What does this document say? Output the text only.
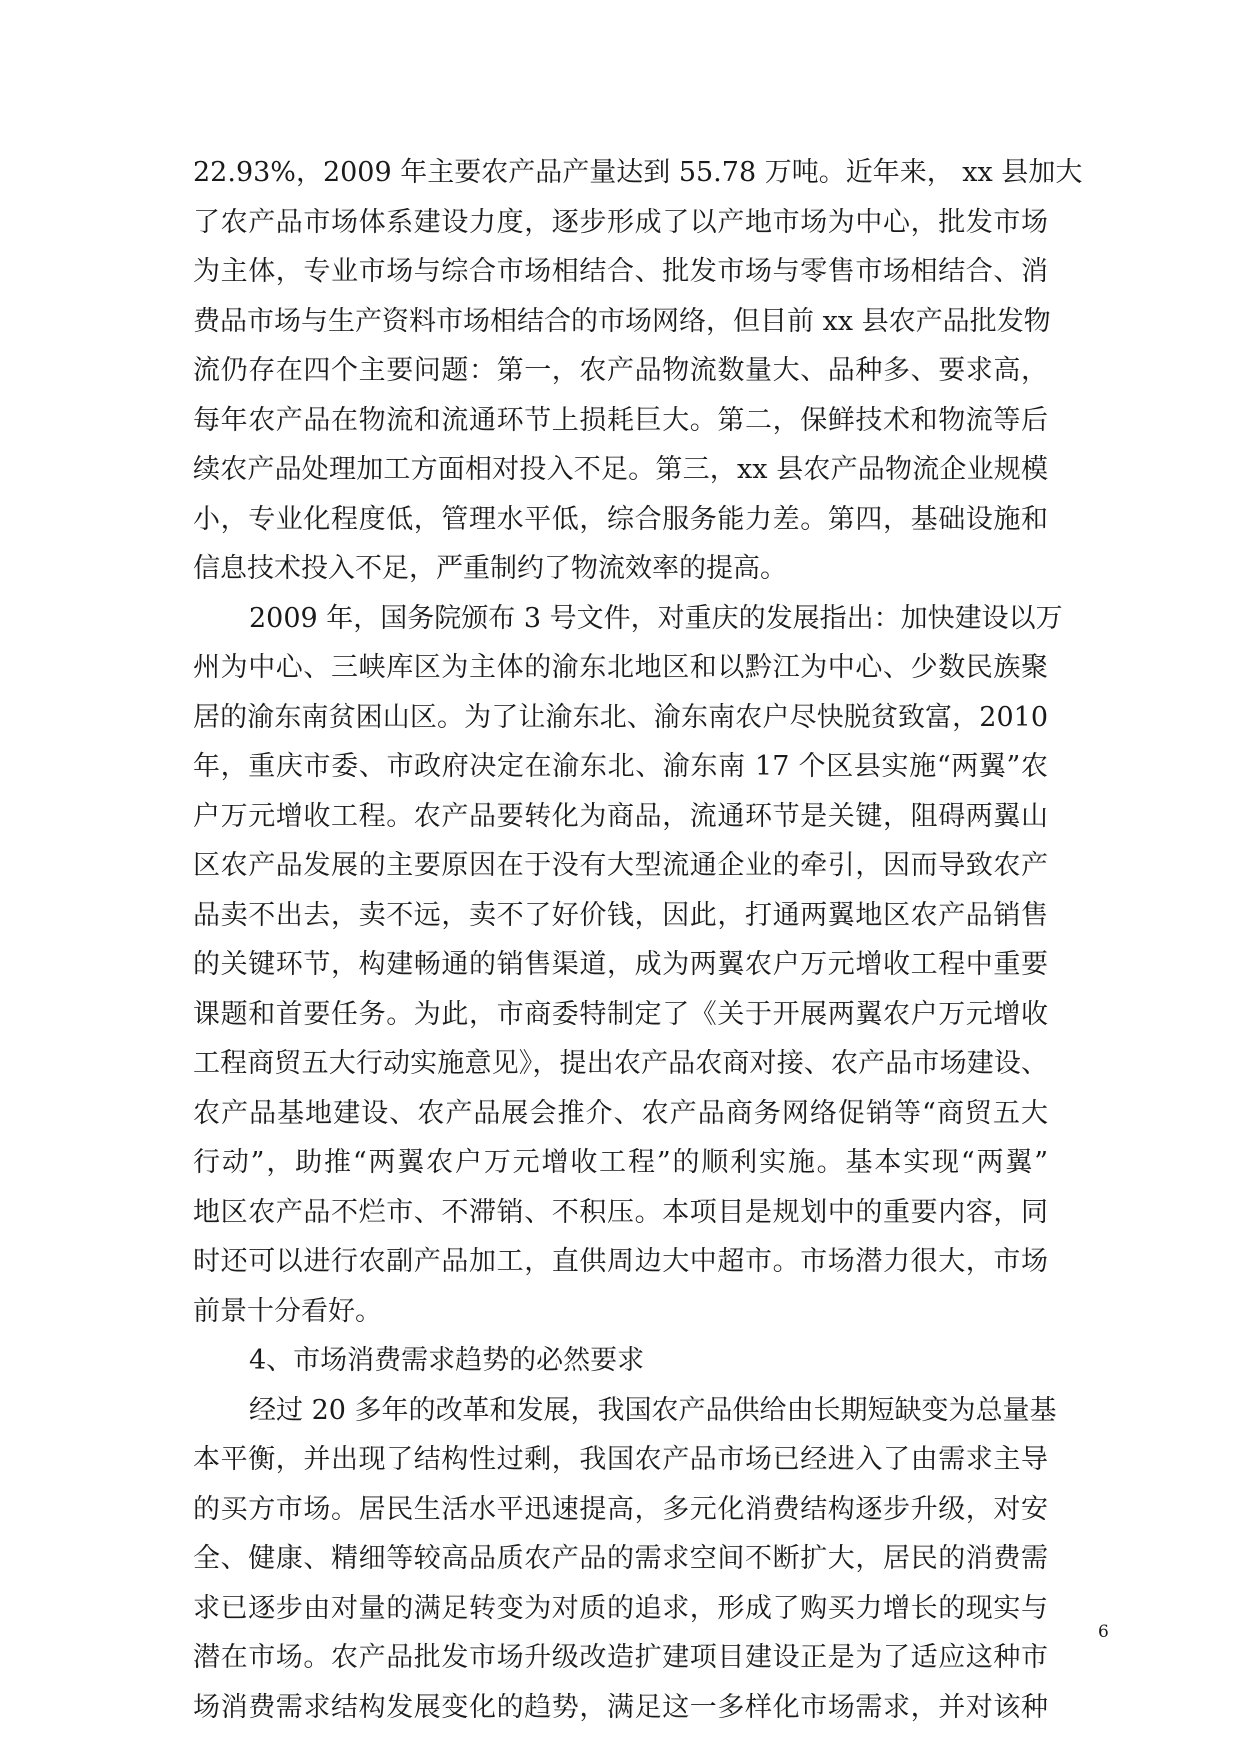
22.93%，2009 年主要农产品产量达到 55.78 万吨。近年来， xx 县加大
了农产品市场体系建设力度，逐步形成了以产地市场为中心，批发市场
为主体，专业市场与综合市场相结合、批发市场与零售市场相结合、消
费品市场与生产资料市场相结合的市场网络，但目前 xx 县农产品批发物
流仍存在四个主要问题：第一，农产品物流数量大、品种多、要求高，
每年农产品在物流和流通环节上损耗巨大。第二，保鲜技术和物流等后
续农产品处理加工方面相对投入不足。第三，xx 县农产品物流企业规模
小，专业化程度低，管理水平低，综合服务能力差。第四，基础设施和
信息技术投入不足，严重制约了物流效率的提高。
2009 年，国务院颁布 3 号文件，对重庆的发展指出：加快建设以万
州为中心、三峡库区为主体的渝东北地区和以黔江为中心、少数民族聚
居的渝东南贫困山区。为了让渝东北、渝东南农户尽快脱贫致富，2010
年，重庆市委、市政府决定在渝东北、渝东南 17 个区县实施“两翼”农
户万元增收工程。农产品要转化为商品，流通环节是关键，阻碍两翼山
区农产品发展的主要原因在于没有大型流通企业的牵引，因而导致农产
品卖不出去，卖不远，卖不了好价钱，因此，打通两翼地区农产品销售
的关键环节，构建畅通的销售渠道，成为两翼农户万元增收工程中重要
课题和首要任务。为此，市商委特制定了《关于开展两翼农户万元增收
工程商贸五大行动实施意见》，提出农产品农商对接、农产品市场建设、
农产品基地建设、农产品展会推介、农产品商务网络促销等“商贸五大
行动”，助推“两翼农户万元增收工程”的顺利实施。基本实现“两翼”
地区农产品不烂市、不滞销、不积压。本项目是规划中的重要内容，同
时还可以进行农副产品加工，直供周边大中超市。市场潜力很大，市场
前景十分看好。
4、市场消费需求趋势的必然要求
经过 20 多年的改革和发展，我国农产品供给由长期短缺变为总量基
本平衡，并出现了结构性过剩，我国农产品市场已经进入了由需求主导
的买方市场。居民生活水平迅速提高，多元化消费结构逐步升级，对安
全、健康、精细等较高品质农产品的需求空间不断扩大，居民的消费需
求已逐步由对量的满足转变为对质的追求，形成了购买力增长的现实与
潜在市场。农产品批发市场升级改造扩建项目建设正是为了适应这种市
场消费需求结构发展变化的趋势，满足这一多样化市场需求，并对该种
6
